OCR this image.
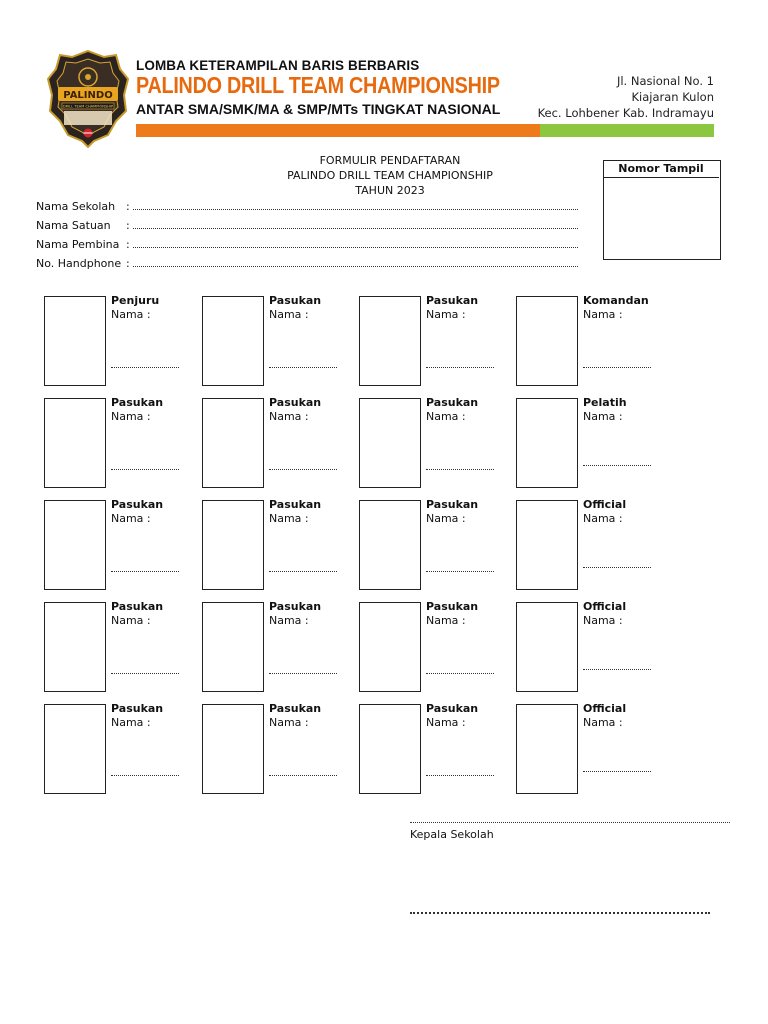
PALINDO
DRILL TEAM CHAMPIONSHIP
LOMBA KETERAMPILAN BARIS BERBARIS
PALINDO DRILL TEAM CHAMPIONSHIP
ANTAR SMA/SMK/MA & SMP/MTs TINGKAT NASIONAL
Jl. Nasional No. 1
Kiajaran Kulon
Kec. Lohbener Kab. Indramayu
FORMULIR PENDAFTARAN
PALINDO DRILL TEAM CHAMPIONSHIP
TAHUN 2023
Nomor Tampil
Nama Sekolah :
Nama Satuan :
Nama Pembina :
No. Handphone :
Penjuru
Nama :
Pasukan
Nama :
Pasukan
Nama :
Komandan
Nama :
Pasukan
Nama :
Pasukan
Nama :
Pasukan
Nama :
Pelatih
Nama :
Pasukan
Nama :
Pasukan
Nama :
Pasukan
Nama :
Official
Nama :
Pasukan
Nama :
Pasukan
Nama :
Pasukan
Nama :
Official
Nama :
Pasukan
Nama :
Pasukan
Nama :
Pasukan
Nama :
Official
Nama :
Kepala Sekolah
